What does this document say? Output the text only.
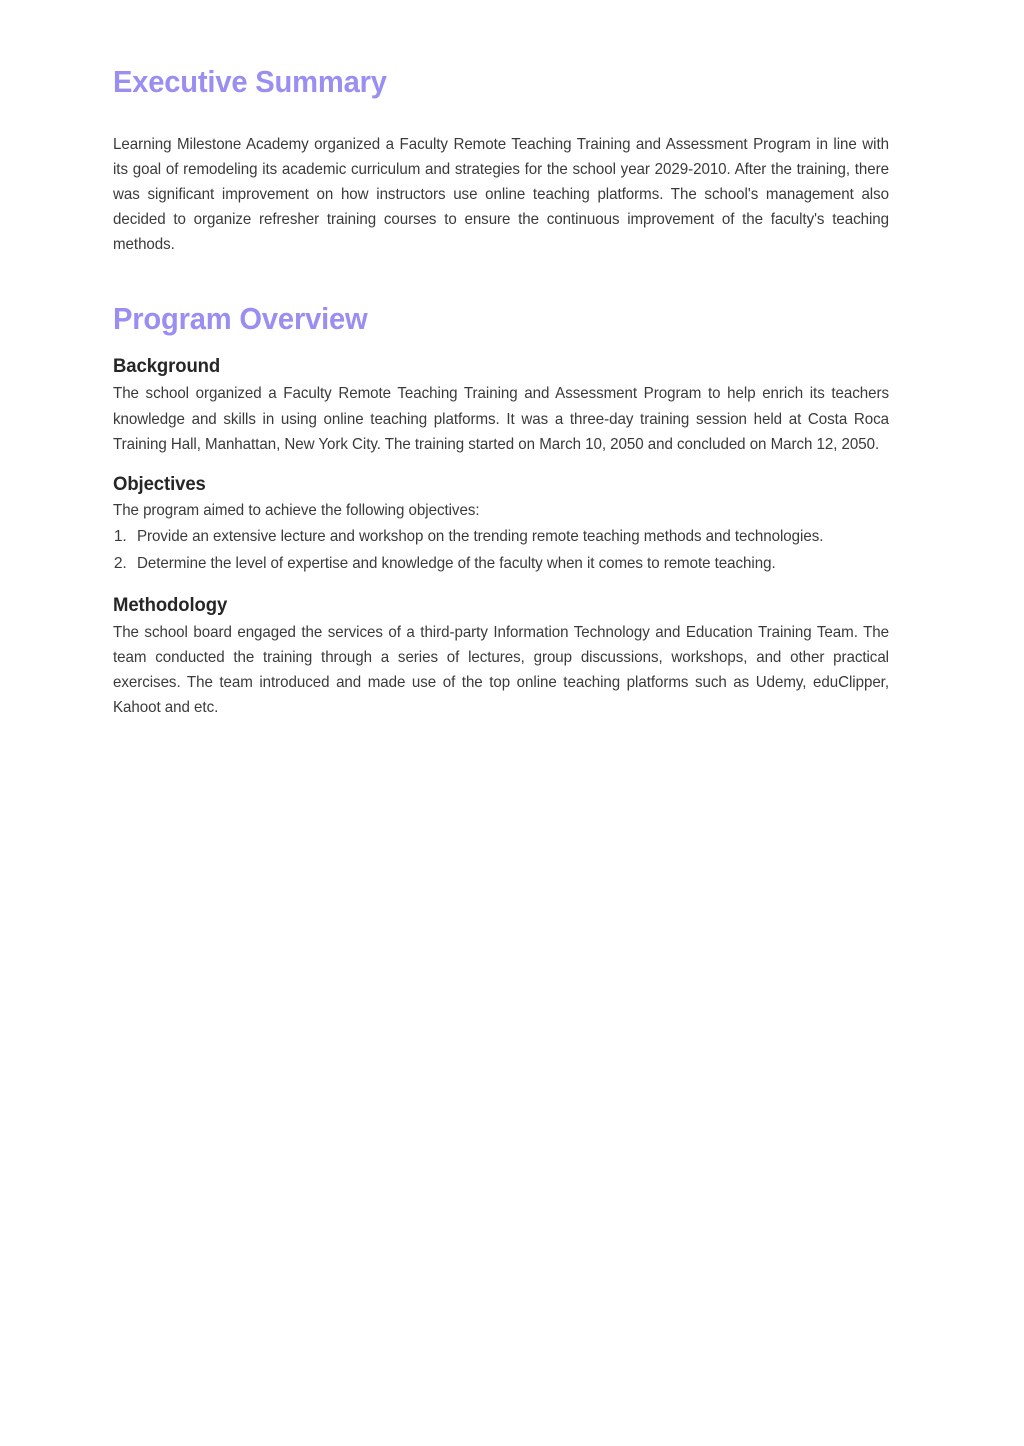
Executive Summary

Learning Milestone Academy organized a Faculty Remote Teaching Training and Assessment Program in line with its goal of remodeling its academic curriculum and strategies for the school year 2029-2010. After the training, there was significant improvement on how instructors use online teaching platforms. The school's management also decided to organize refresher training courses to ensure the continuous improvement of the faculty's teaching methods.

Program Overview
Background

The school organized a Faculty Remote Teaching Training and Assessment Program to help enrich its teachers knowledge and skills in using online teaching platforms. It was a three-day training session held at Costa Roca Training Hall, Manhattan, New York City. The training started on March 10, 2050 and concluded on March 12, 2050.

Objectives

The program aimed to achieve the following objectives:

1. Provide an extensive lecture and workshop on the trending remote teaching methods and technologies.
2. Determine the level of expertise and knowledge of the faculty when it comes to remote teaching.
Methodology

The school board engaged the services of a third-party Information Technology and Education Training Team. The team conducted the training through a series of lectures, group discussions, workshops, and other practical exercises. The team introduced and made use of the top online teaching platforms such as Udemy, eduClipper, Kahoot and etc.
